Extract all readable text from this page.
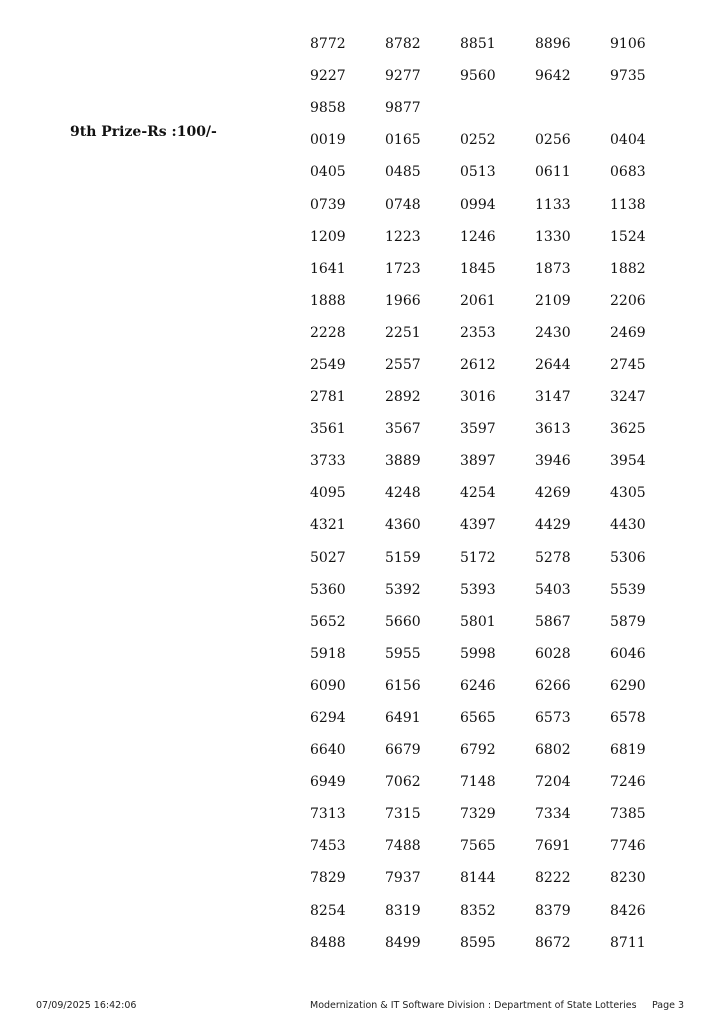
9th Prize-Rs :100/-
8772	8782	8851	8896	9106
9227	9277	9560	9642	9735
9858	9877
0019	0165	0252	0256	0404
0405	0485	0513	0611	0683
0739	0748	0994	1133	1138
1209	1223	1246	1330	1524
1641	1723	1845	1873	1882
1888	1966	2061	2109	2206
2228	2251	2353	2430	2469
2549	2557	2612	2644	2745
2781	2892	3016	3147	3247
3561	3567	3597	3613	3625
3733	3889	3897	3946	3954
4095	4248	4254	4269	4305
4321	4360	4397	4429	4430
5027	5159	5172	5278	5306
5360	5392	5393	5403	5539
5652	5660	5801	5867	5879
5918	5955	5998	6028	6046
6090	6156	6246	6266	6290
6294	6491	6565	6573	6578
6640	6679	6792	6802	6819
6949	7062	7148	7204	7246
7313	7315	7329	7334	7385
7453	7488	7565	7691	7746
7829	7937	8144	8222	8230
8254	8319	8352	8379	8426
8488	8499	8595	8672	8711
07/09/2025 16:42:06	Modernization & IT Software Division : Department of State Lotteries Page 3
